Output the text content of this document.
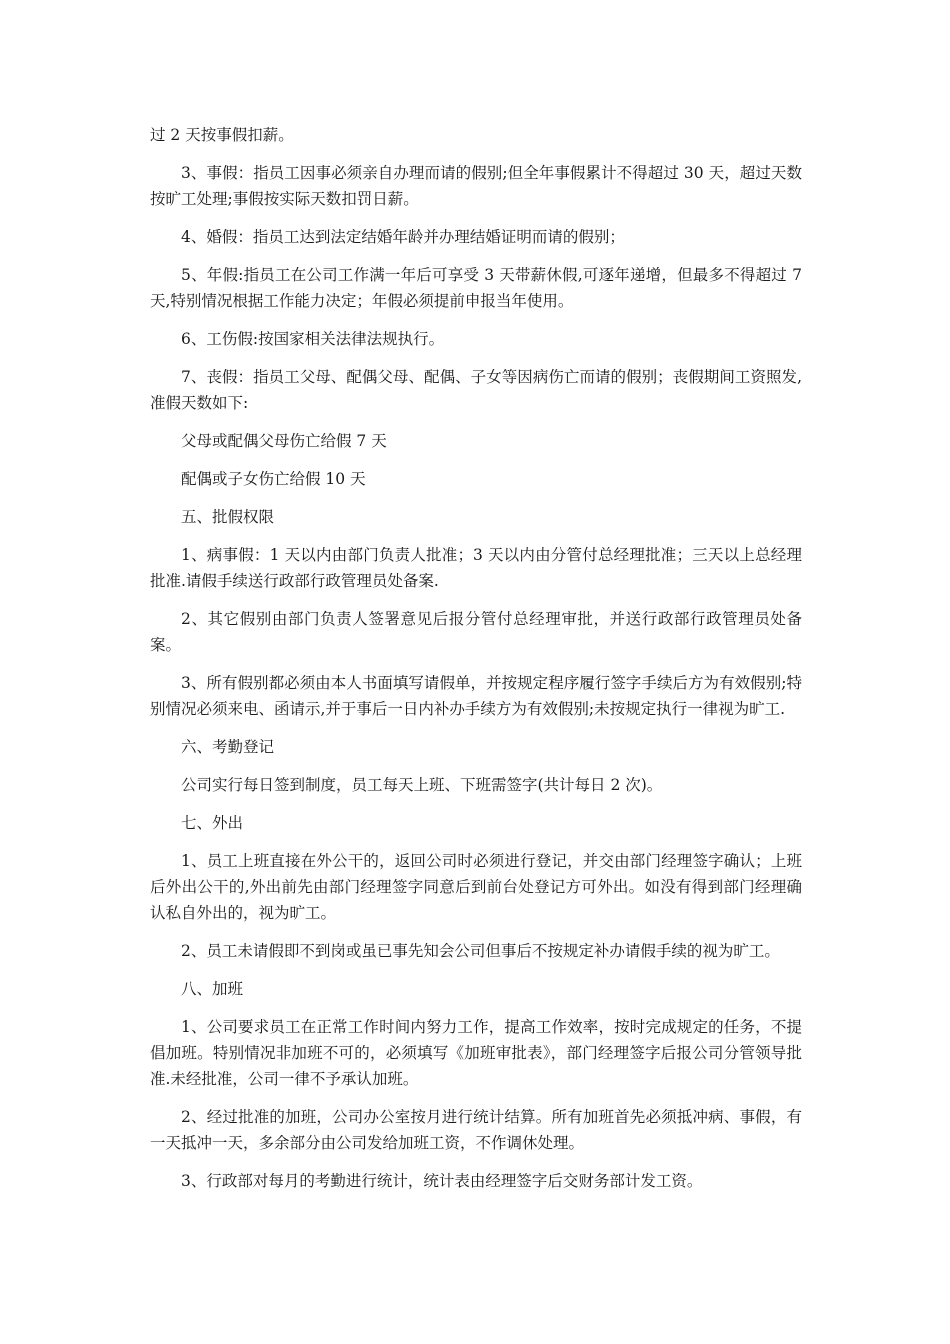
过 2 天按事假扣薪。

3、事假：指员工因事必须亲自办理而请的假别;但全年事假累计不得超过 30 天，超过天数按旷工处理;事假按实际天数扣罚日薪。

4、婚假：指员工达到法定结婚年龄并办理结婚证明而请的假别；

5、年假:指员工在公司工作满一年后可享受 3 天带薪休假,可逐年递增，但最多不得超过 7 天,特别情况根据工作能力决定；年假必须提前申报当年使用。

6、工伤假:按国家相关法律法规执行。

7、丧假：指员工父母、配偶父母、配偶、子女等因病伤亡而请的假别；丧假期间工资照发,准假天数如下:

父母或配偶父母伤亡给假 7 天

配偶或子女伤亡给假 10 天

五、批假权限

1、病事假：1 天以内由部门负责人批准；3 天以内由分管付总经理批准；三天以上总经理批准.请假手续送行政部行政管理员处备案.

2、其它假别由部门负责人签署意见后报分管付总经理审批，并送行政部行政管理员处备案。

3、所有假别都必须由本人书面填写请假单，并按规定程序履行签字手续后方为有效假别;特别情况必须来电、函请示,并于事后一日内补办手续方为有效假别;未按规定执行一律视为旷工.

六、考勤登记

公司实行每日签到制度，员工每天上班、下班需签字(共计每日 2 次)。

七、外出

1、员工上班直接在外公干的，返回公司时必须进行登记，并交由部门经理签字确认；上班后外出公干的,外出前先由部门经理签字同意后到前台处登记方可外出。如没有得到部门经理确认私自外出的，视为旷工。

2、员工未请假即不到岗或虽已事先知会公司但事后不按规定补办请假手续的视为旷工。

八、加班

1、公司要求员工在正常工作时间内努力工作，提高工作效率，按时完成规定的任务，不提倡加班。特别情况非加班不可的，必须填写《加班审批表》，部门经理签字后报公司分管领导批准.未经批准，公司一律不予承认加班。

2、经过批准的加班，公司办公室按月进行统计结算。所有加班首先必须抵冲病、事假，有一天抵冲一天，多余部分由公司发给加班工资，不作调休处理。

3、行政部对每月的考勤进行统计，统计表由经理签字后交财务部计发工资。
